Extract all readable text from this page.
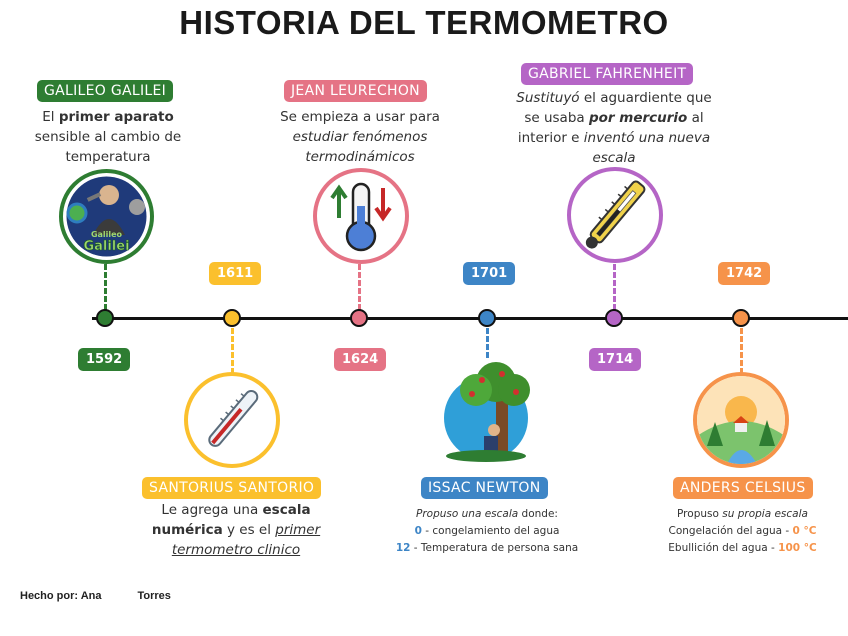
HISTORIA DEL TERMOMETRO
GALILEO GALILEI
El primer aparato
sensible al cambio de temperatura
Galileo
Galilei
1592
1611
SANTORIUS SANTORIO
Le agrega una escala numérica y es el primer termometro clinico
JEAN LEURECHON
Se empieza a usar para
estudiar fenómenos termodinámicos
1624
1701
ISSAC NEWTON
Propuso una escala donde:
0 - congelamiento del agua
12 - Temperatura de persona sana
GABRIEL FAHRENHEIT
Sustituyó el aguardiente que se usaba por mercurio al interior e inventó una nueva escala
1714
1742
ANDERS CELSIUS
Propuso su propia escala
Congelación del agua - 0 °C
Ebullición del agua - 100 °C
Hecho por: Ana	Torres
